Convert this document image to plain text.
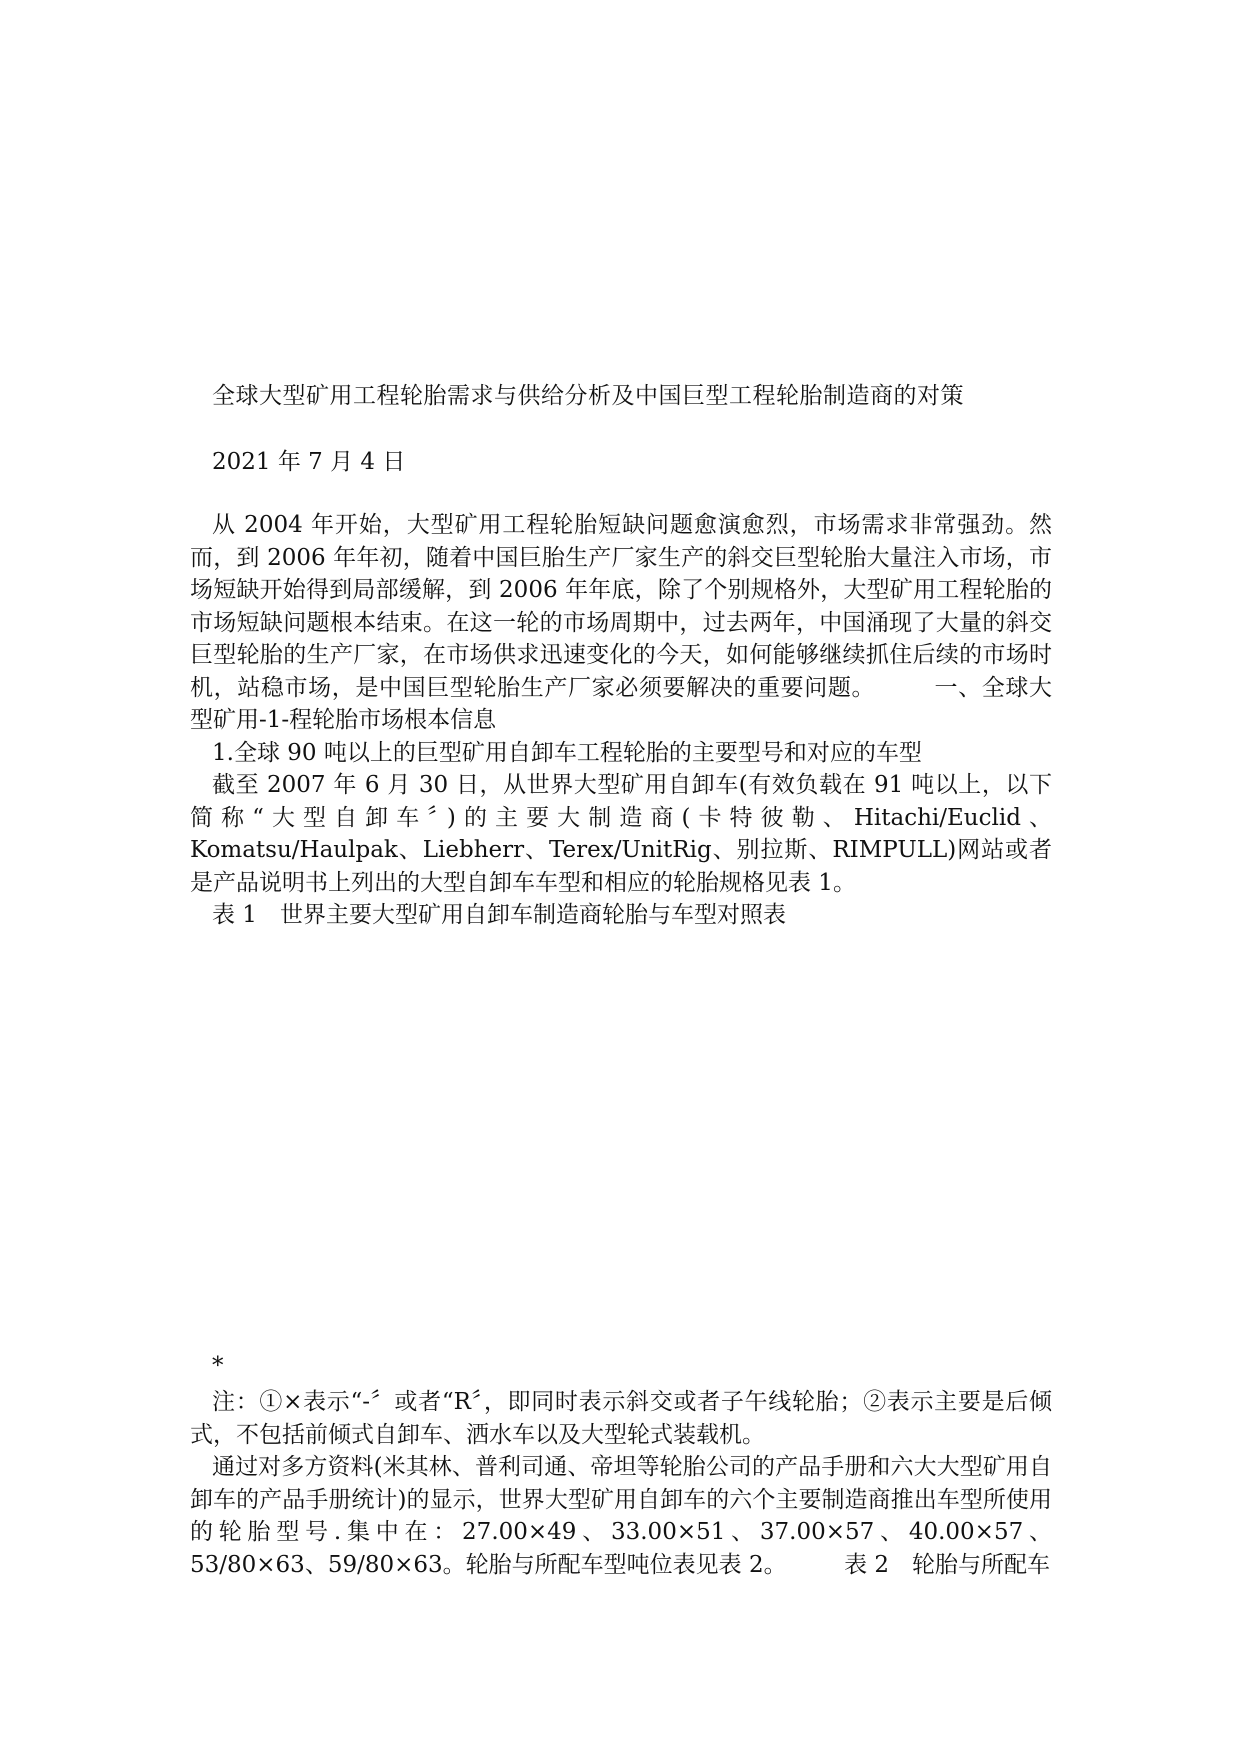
全球大型矿用工程轮胎需求与供给分析及中国巨型工程轮胎制造商的对策
2021 年 7 月 4 日

从 2004 年开始，大型矿用工程轮胎短缺问题愈演愈烈，市场需求非常强劲。然而，到 2006 年年初，随着中国巨胎生产厂家生产的斜交巨型轮胎大量注入市场，市场短缺开始得到局部缓解，到 2006 年年底，除了个别规格外，大型矿用工程轮胎的市场短缺问题根本结束。在这一轮的市场周期中，过去两年，中国涌现了大量的斜交巨型轮胎的生产厂家，在市场供求迅速变化的今天，如何能够继续抓住后续的市场时机，站稳市场，是中国巨型轮胎生产厂家必须要解决的重要问题。　　　一、全球大型矿用-1-程轮胎市场根本信息

1.全球 90 吨以上的巨型矿用自卸车工程轮胎的主要型号和对应的车型

截至 2007 年 6 月 30 日，从世界大型矿用自卸车(有效负载在 91 吨以上，以下简称“大型自卸车〞)的主要大制造商(卡特彼勒、Hitachi/Euclid、Komatsu/Haulpak、Liebherr、Terex/UnitRig、别拉斯、RIMPULL)网站或者是产品说明书上列出的大型自卸车车型和相应的轮胎规格见表 1。

表 1　世界主要大型矿用自卸车制造商轮胎与车型对照表

*

注：①×表示“-〞或者“R〞，即同时表示斜交或者子午线轮胎；②表示主要是后倾式，不包括前倾式自卸车、洒水车以及大型轮式装载机。

通过对多方资料(米其林、普利司通、帝坦等轮胎公司的产品手册和六大大型矿用自卸车的产品手册统计)的显示，世界大型矿用自卸车的六个主要制造商推出车型所使用的轮胎型号.集中在：27.00×49、33.00×51、37.00×57、40.00×57、53/80×63、59/80×63。轮胎与所配车型吨位表见表 2。　　　表 2　轮胎与所配车
